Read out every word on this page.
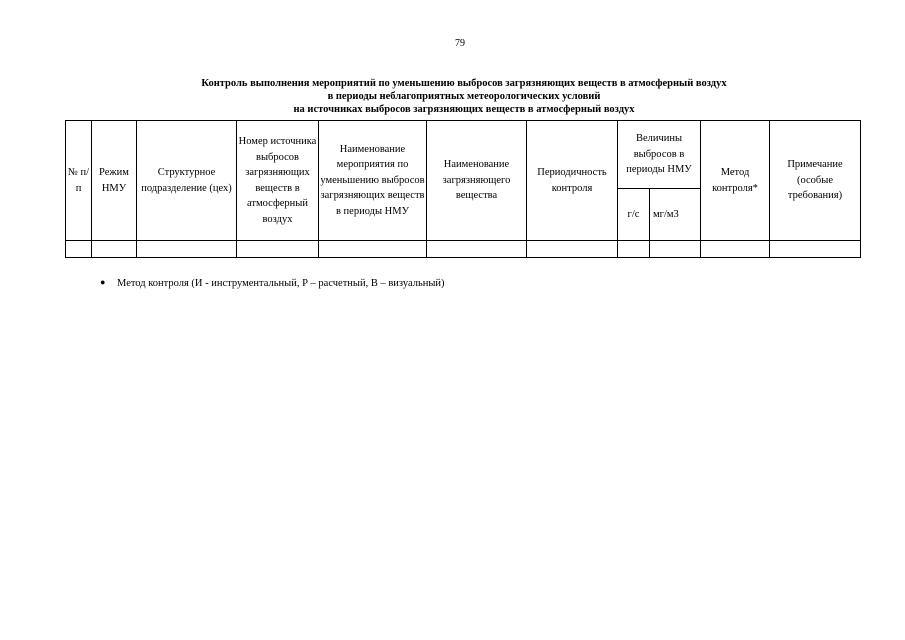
79
Контроль выполнения мероприятий по уменьшению выбросов загрязняющих веществ в атмосферный воздух
в периоды неблагоприятных метеорологических условий
на источниках выбросов загрязняющих веществ в атмосферный воздух
№ п/п	Режим НМУ	Структурное подразделение (цех)	Номер источника выбросов загрязняющих веществ в атмосферный воздух	Наименование мероприятия по уменьшению выбросов загрязняющих веществ в периоды НМУ	Наименование загрязняющего вещества	Периодичность контроля	Величины выбросов в периоды НМУ		Метод контроля*	Примечание (особые требования)
							г/с	мг/м3		

● Метод контроля (И - инструментальный, Р – расчетный, В – визуальный)
